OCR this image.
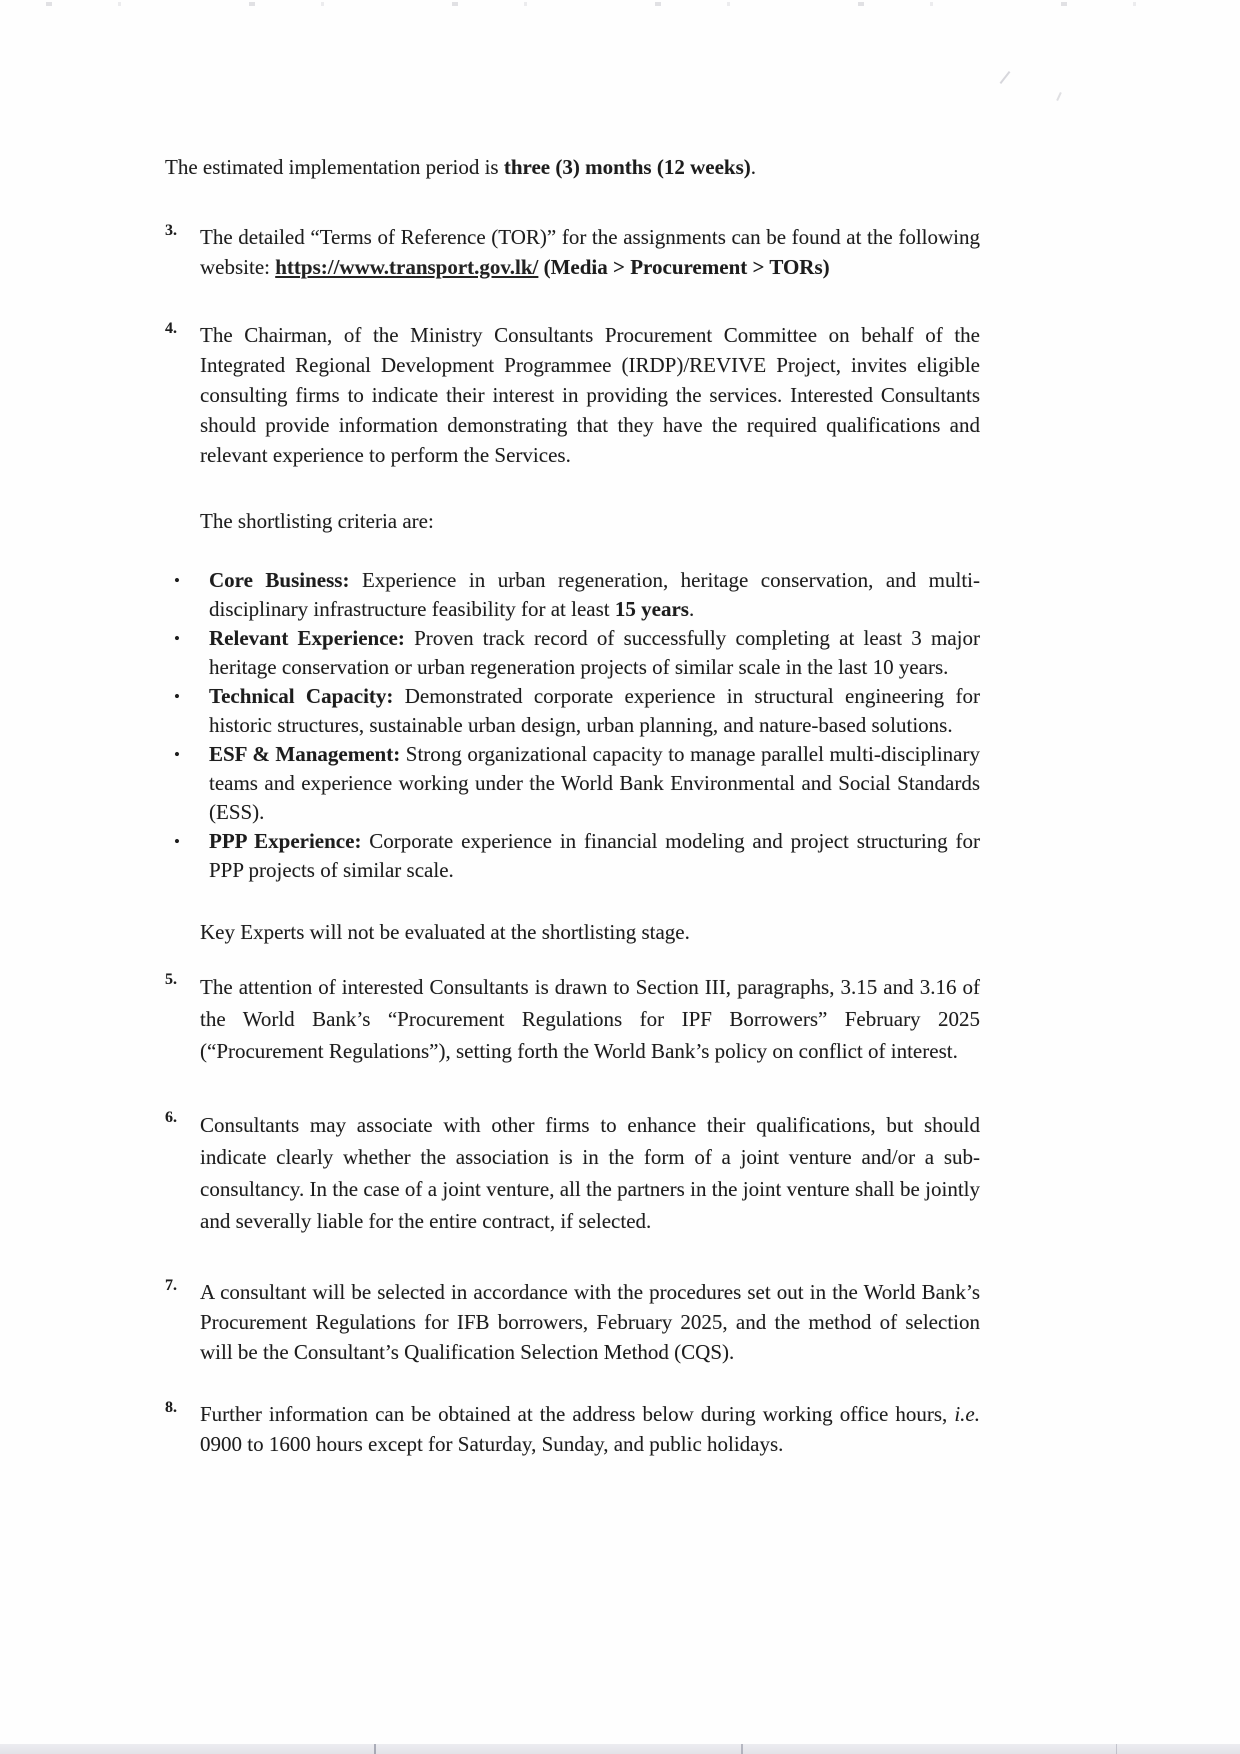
The estimated implementation period is three (3) months (12 weeks).

3.	The detailed “Terms of Reference (TOR)” for the assignments can be found at the following website: https://www.transport.gov.lk/ (Media > Procurement > TORs)
4.	The Chairman, of the Ministry Consultants Procurement Committee on behalf of the Integrated Regional Development Programmee (IRDP)/REVIVE Project, invites eligible consulting firms to indicate their interest in providing the services. Interested Consultants should provide information demonstrating that they have the required qualifications and relevant experience to perform the Services.

The shortlisting criteria are:

•	Core Business: Experience in urban regeneration, heritage conservation, and multi-disciplinary infrastructure feasibility for at least 15 years.
•	Relevant Experience: Proven track record of successfully completing at least 3 major heritage conservation or urban regeneration projects of similar scale in the last 10 years.
•	Technical Capacity: Demonstrated corporate experience in structural engineering for historic structures, sustainable urban design, urban planning, and nature-based solutions.
•	ESF & Management: Strong organizational capacity to manage parallel multi-disciplinary teams and experience working under the World Bank Environmental and Social Standards (ESS).
•	PPP Experience: Corporate experience in financial modeling and project structuring for PPP projects of similar scale.

Key Experts will not be evaluated at the shortlisting stage.

5.	The attention of interested Consultants is drawn to Section III, paragraphs, 3.15 and 3.16 of the World Bank’s “Procurement Regulations for IPF Borrowers” February 2025 (“Procurement Regulations”), setting forth the World Bank’s policy on conflict of interest.
6.	Consultants may associate with other firms to enhance their qualifications, but should indicate clearly whether the association is in the form of a joint venture and/or a sub-consultancy. In the case of a joint venture, all the partners in the joint venture shall be jointly and severally liable for the entire contract, if selected.
7.	A consultant will be selected in accordance with the procedures set out in the World Bank’s Procurement Regulations for IFB borrowers, February 2025, and the method of selection will be the Consultant’s Qualification Selection Method (CQS).
8.	Further information can be obtained at the address below during working office hours, i.e. 0900 to 1600 hours except for Saturday, Sunday, and public holidays.
